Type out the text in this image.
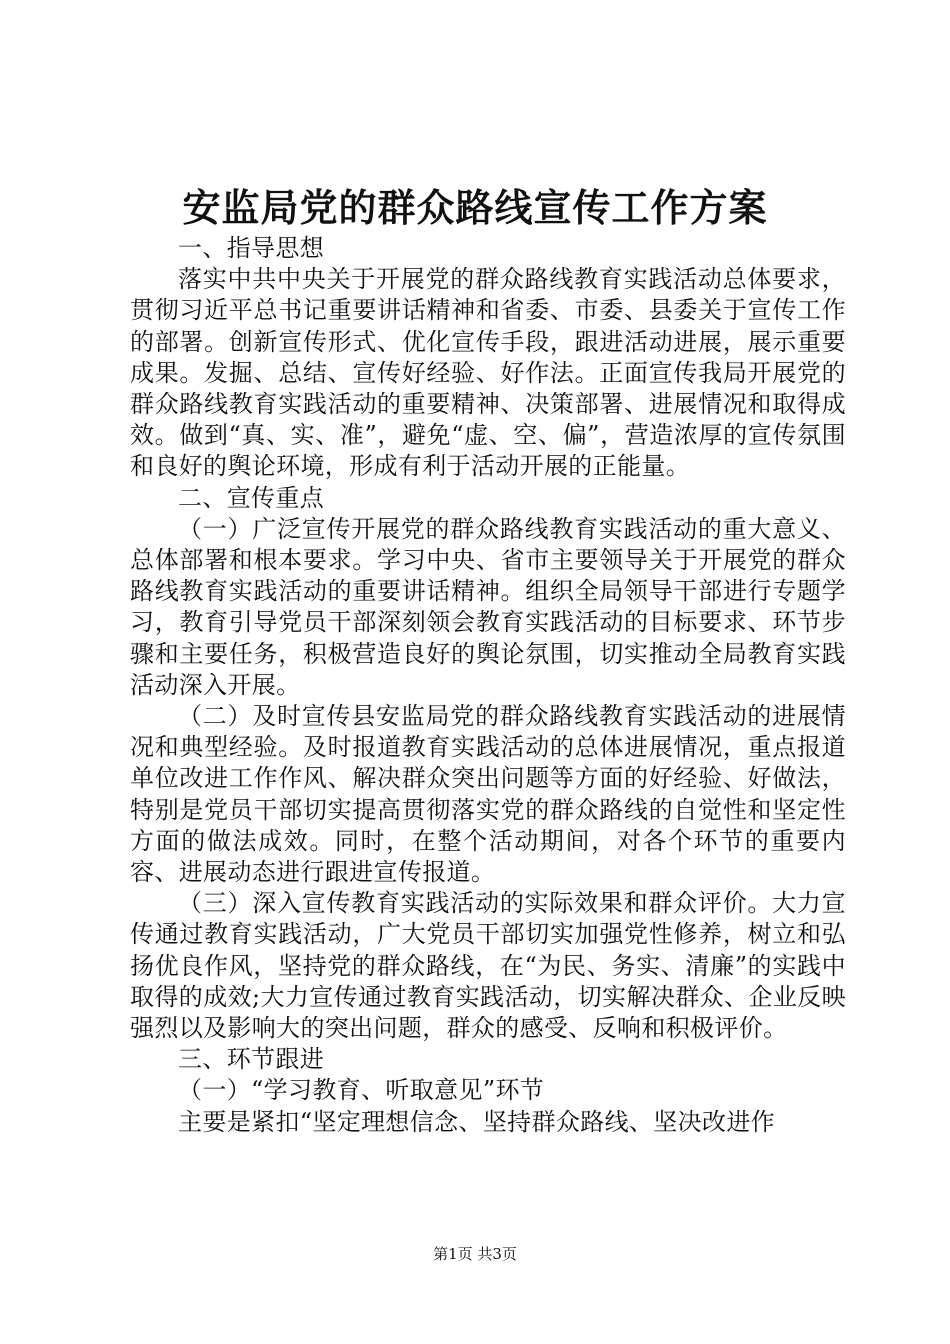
安监局党的群众路线宣传工作方案

一、指导思想

落实中共中央关于开展党的群众路线教育实践活动总体要求，贯彻习近平总书记重要讲话精神和省委、市委、县委关于宣传工作的部署。创新宣传形式、优化宣传手段，跟进活动进展，展示重要成果。发掘、总结、宣传好经验、好作法。正面宣传我局开展党的群众路线教育实践活动的重要精神、决策部署、进展情况和取得成效。做到“真、实、准”，避免“虚、空、偏”，营造浓厚的宣传氛围和良好的舆论环境，形成有利于活动开展的正能量。

二、宣传重点

（一）广泛宣传开展党的群众路线教育实践活动的重大意义、总体部署和根本要求。学习中央、省市主要领导关于开展党的群众路线教育实践活动的重要讲话精神。组织全局领导干部进行专题学习，教育引导党员干部深刻领会教育实践活动的目标要求、环节步骤和主要任务，积极营造良好的舆论氛围，切实推动全局教育实践活动深入开展。

（二）及时宣传县安监局党的群众路线教育实践活动的进展情况和典型经验。及时报道教育实践活动的总体进展情况，重点报道单位改进工作作风、解决群众突出问题等方面的好经验、好做法，特别是党员干部切实提高贯彻落实党的群众路线的自觉性和坚定性方面的做法成效。同时，在整个活动期间，对各个环节的重要内容、进展动态进行跟进宣传报道。

（三）深入宣传教育实践活动的实际效果和群众评价。大力宣传通过教育实践活动，广大党员干部切实加强党性修养，树立和弘扬优良作风，坚持党的群众路线，在“为民、务实、清廉”的实践中取得的成效;大力宣传通过教育实践活动，切实解决群众、企业反映强烈以及影响大的突出问题，群众的感受、反响和积极评价。

三、环节跟进

（一）“学习教育、听取意见”环节

主要是紧扣“坚定理想信念、坚持群众路线、坚决改进作

第1页 共3页
